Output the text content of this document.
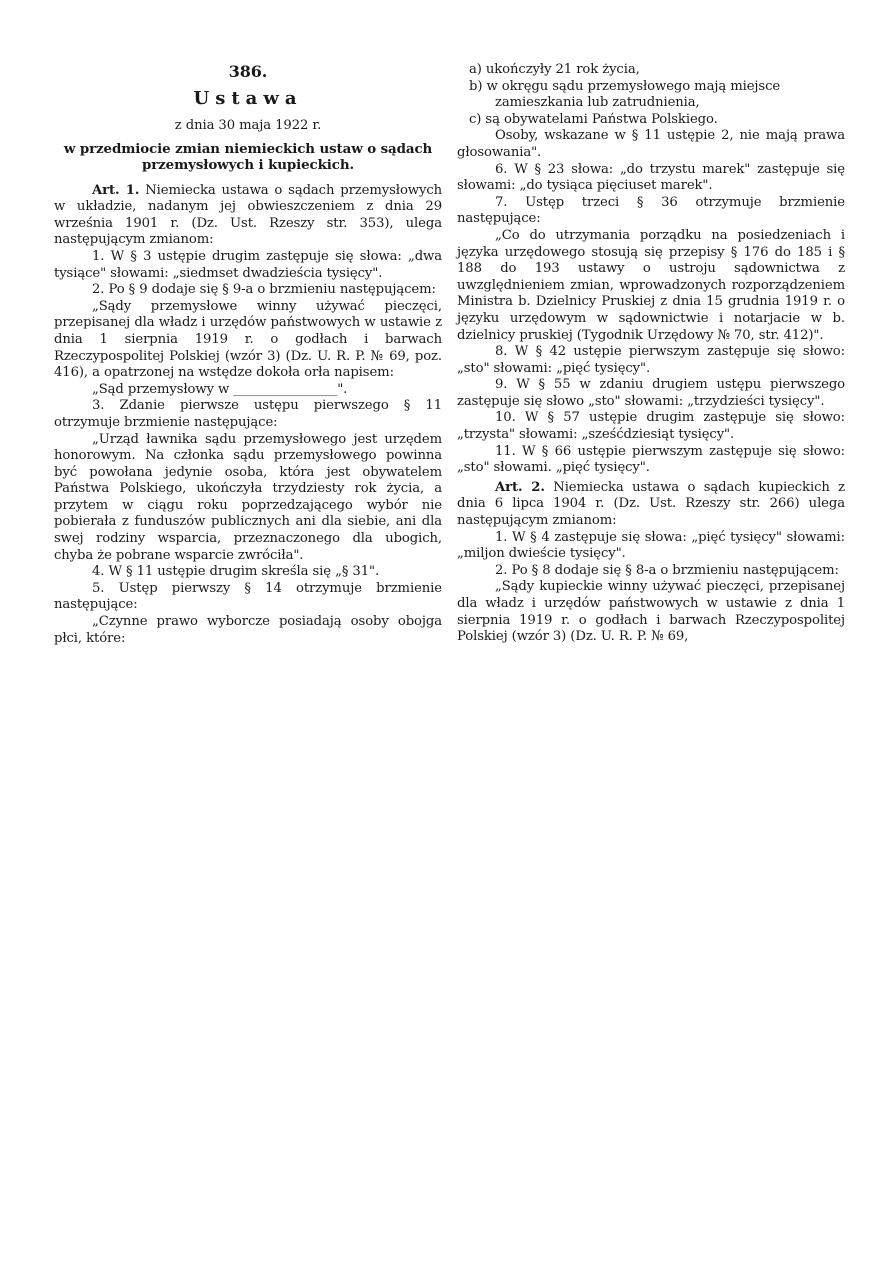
386.
Ustawa
z dnia 30 maja 1922 r.
w przedmiocie zmian niemieckich ustaw o sądach przemysłowych i kupieckich.

Art. 1. Niemiecka ustawa o sądach przemysłowych w układzie, nadanym jej obwieszczeniem z dnia 29 września 1901 r. (Dz. Ust. Rzeszy str. 353), ulega następującym zmianom:

1. W § 3 ustępie drugim zastępuje się słowa: „dwa tysiące" słowami: „siedmset dwadzieścia tysięcy".

2. Po § 9 dodaje się § 9-a o brzmieniu następującem:

„Sądy przemysłowe winny używać pieczęci, przepisanej dla władz i urzędów państwowych w ustawie z dnia 1 sierpnia 1919 r. o godłach i barwach Rzeczypospolitej Polskiej (wzór 3) (Dz. U. R. P. № 69, poz. 416), a opatrzonej na wstędze dokoła orła napisem:

„Sąd przemysłowy w ________________".

3. Zdanie pierwsze ustępu pierwszego § 11 otrzymuje brzmienie następujące:

„Urząd ławnika sądu przemysłowego jest urzędem honorowym. Na członka sądu przemysłowego powinna być powołana jedynie osoba, która jest obywatelem Państwa Polskiego, ukończyła trzydziesty rok życia, a przytem w ciągu roku poprzedzającego wybór nie pobierała z funduszów publicznych ani dla siebie, ani dla swej rodziny wsparcia, przeznaczonego dla ubogich, chyba że pobrane wsparcie zwróciła".

4. W § 11 ustępie drugim skreśla się „§ 31".

5. Ustęp pierwszy § 14 otrzymuje brzmienie następujące:

„Czynne prawo wyborcze posiadają osoby obojga płci, które:

a) ukończyły 21 rok życia,

b) w okręgu sądu przemysłowego mają miejsce zamieszkania lub zatrudnienia,

c) są obywatelami Państwa Polskiego.

Osoby, wskazane w § 11 ustępie 2, nie mają prawa głosowania".

6. W § 23 słowa: „do trzystu marek" zastępuje się słowami: „do tysiąca pięciuset marek".

7. Ustęp trzeci § 36 otrzymuje brzmienie następujące:

„Co do utrzymania porządku na posiedzeniach i języka urzędowego stosują się przepisy § 176 do 185 i § 188 do 193 ustawy o ustroju sądownictwa z uwzględnieniem zmian, wprowadzonych rozporządzeniem Ministra b. Dzielnicy Pruskiej z dnia 15 grudnia 1919 r. o języku urzędowym w sądownictwie i notarjacie w b. dzielnicy pruskiej (Tygodnik Urzędowy № 70, str. 412)".

8. W § 42 ustępie pierwszym zastępuje się słowo: „sto" słowami: „pięć tysięcy".

9. W § 55 w zdaniu drugiem ustępu pierwszego zastępuje się słowo „sto" słowami: „trzydzieści tysięcy".

10. W § 57 ustępie drugim zastępuje się słowo: „trzysta" słowami: „sześćdziesiąt tysięcy".

11. W § 66 ustępie pierwszym zastępuje się słowo: „sto" słowami. „pięć tysięcy".

Art. 2. Niemiecka ustawa o sądach kupieckich z dnia 6 lipca 1904 r. (Dz. Ust. Rzeszy str. 266) ulega następującym zmianom:

1. W § 4 zastępuje się słowa: „pięć tysięcy" słowami: „miljon dwieście tysięcy".

2. Po § 8 dodaje się § 8-a o brzmieniu następującem:

„Sądy kupieckie winny używać pieczęci, przepisanej dla władz i urzędów państwowych w ustawie z dnia 1 sierpnia 1919 r. o godłach i barwach Rzeczypospolitej Polskiej (wzór 3) (Dz. U. R. P. № 69,
